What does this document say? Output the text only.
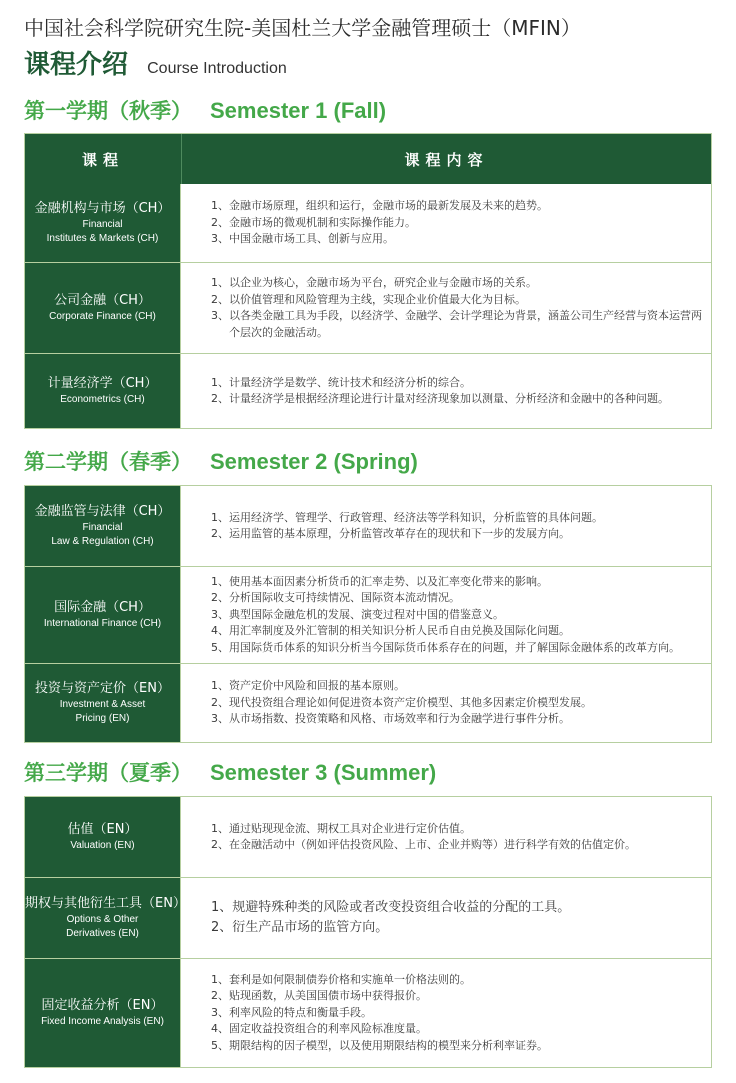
中国社会科学院研究生院-美国杜兰大学金融管理硕士（MFIN）
课程介绍 Course Introduction
第一学期（秋季） Semester 1 (Fall)
课程	课程内容
金融机构与市场（CH）
Financial
Institutes & Markets (CH)
1、 金融市场原理，组织和运行，金融市场的最新发展及未来的趋势。
2、 金融市场的微观机制和实际操作能力。
3、 中国金融市场工具、创新与应用。
公司金融（CH）
Corporate Finance (CH)
1、 以企业为核心，金融市场为平台，研究企业与金融市场的关系。
2、 以价值管理和风险管理为主线，实现企业价值最大化为目标。
3、 以各类金融工具为手段，以经济学、金融学、会计学理论为背景，涵盖公司生产经营与资本运营两个层次的金融活动。
计量经济学（CH）
Econometrics (CH)
1、 计量经济学是数学、统计技术和经济分析的综合。
2、 计量经济学是根据经济理论进行计量对经济现象加以测量、分析经济和金融中的各种问题。
第二学期（春季） Semester 2 (Spring)
金融监管与法律（CH）
Financial
Law & Regulation (CH)
1、 运用经济学、管理学、行政管理、经济法等学科知识，分析监管的具体问题。
2、 运用监管的基本原理，分析监管改革存在的现状和下一步的发展方向。
国际金融（CH）
International Finance (CH)
1、 使用基本面因素分析货币的汇率走势、以及汇率变化带来的影响。
2、 分析国际收支可持续情况、国际资本流动情况。
3、 典型国际金融危机的发展、演变过程对中国的借鉴意义。
4、 用汇率制度及外汇管制的相关知识分析人民币自由兑换及国际化问题。
5、 用国际货币体系的知识分析当今国际货币体系存在的问题，并了解国际金融体系的改革方向。
投资与资产定价（EN）
Investment & Asset
Pricing (EN)
1、 资产定价中风险和回报的基本原则。
2、 现代投资组合理论如何促进资本资产定价模型、其他多因素定价模型发展。
3、 从市场指数、投资策略和风格、市场效率和行为金融学进行事件分析。
第三学期（夏季） Semester 3 (Summer)
估值（EN）
Valuation (EN)
1、 通过贴现现金流、期权工具对企业进行定价估值。
2、 在金融活动中（例如评估投资风险、上市、企业并购等）进行科学有效的估值定价。
期权与其他衍生工具（EN）
Options & Other
Derivatives (EN)
1、 规避特殊种类的风险或者改变投资组合收益的分配的工具。
2、 衍生产品市场的监管方向。
固定收益分析（EN）
Fixed Income Analysis (EN)
1、 套利是如何限制债券价格和实施单一价格法则的。
2、 贴现函数，从美国国债市场中获得报价。
3、 利率风险的特点和衡量手段。
4、 固定收益投资组合的利率风险标准度量。
5、 期限结构的因子模型，以及使用期限结构的模型来分析利率证券。
